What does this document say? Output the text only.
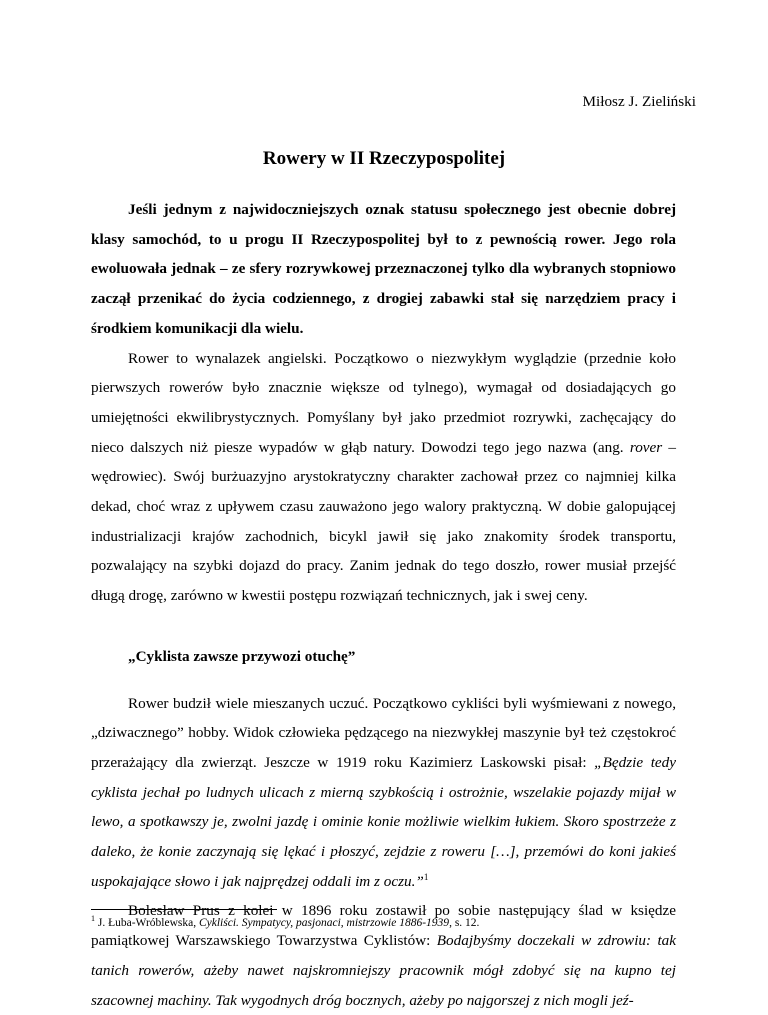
Miłosz J. Zieliński
Rowery w II Rzeczypospolitej

Jeśli jednym z najwidoczniejszych oznak statusu społecznego jest obecnie dobrej klasy samochód, to u progu II Rzeczypospolitej był to z pewnością rower. Jego rola ewoluowała jednak – ze sfery rozrywkowej przeznaczonej tylko dla wybranych stopniowo zaczął przenikać do życia codziennego, z drogiej zabawki stał się narzędziem pracy i środkiem komunikacji dla wielu.

Rower to wynalazek angielski. Początkowo o niezwykłym wyglądzie (przednie koło pierwszych rowerów było znacznie większe od tylnego), wymagał od dosiadających go umiejętności ekwilibrystycznych. Pomyślany był jako przedmiot rozrywki, zachęcający do nieco dalszych niż piesze wypadów w głąb natury. Dowodzi tego jego nazwa (ang. rover – wędrowiec). Swój burżuazyjno arystokratyczny charakter zachował przez co najmniej kilka dekad, choć wraz z upływem czasu zauważono jego walory praktyczną. W dobie galopującej industrializacji krajów zachodnich, bicykl jawił się jako znakomity środek transportu, pozwalający na szybki dojazd do pracy. Zanim jednak do tego doszło, rower musiał przejść długą drogę, zarówno w kwestii postępu rozwiązań technicznych, jak i swej ceny.

„Cyklista zawsze przywozi otuchę”

Rower budził wiele mieszanych uczuć. Początkowo cykliści byli wyśmiewani z nowego, „dziwacznego” hobby. Widok człowieka pędzącego na niezwykłej maszynie był też częstokroć przerażający dla zwierząt. Jeszcze w 1919 roku Kazimierz Laskowski pisał: „Będzie tedy cyklista jechał po ludnych ulicach z mierną szybkością i ostrożnie, wszelakie pojazdy mijał w lewo, a spotkawszy je, zwolni jazdę i ominie konie możliwie wielkim łukiem. Skoro spostrzeże z daleko, że konie zaczynają się lękać i płoszyć, zejdzie z roweru […], przemówi do koni jakieś uspokajające słowo i jak najprędzej oddali im z oczu.”$^1$

Bolesław Prus z kolei w 1896 roku zostawił po sobie następujący ślad w księdze pamiątkowej Warszawskiego Towarzystwa Cyklistów: Bodajbyśmy doczekali w zdrowiu: tak tanich rowerów, ażeby nawet najskromniejszy pracownik mógł zdobyć się na kupno tej szacownej machiny. Tak wygodnych dróg bocznych, ażeby po najgorszej z nich mogli jeź-

$^1$ J. Łuba-Wróblewska, Cykliści. Sympatycy, pasjonaci, mistrzowie 1886-1939, s. 12.
